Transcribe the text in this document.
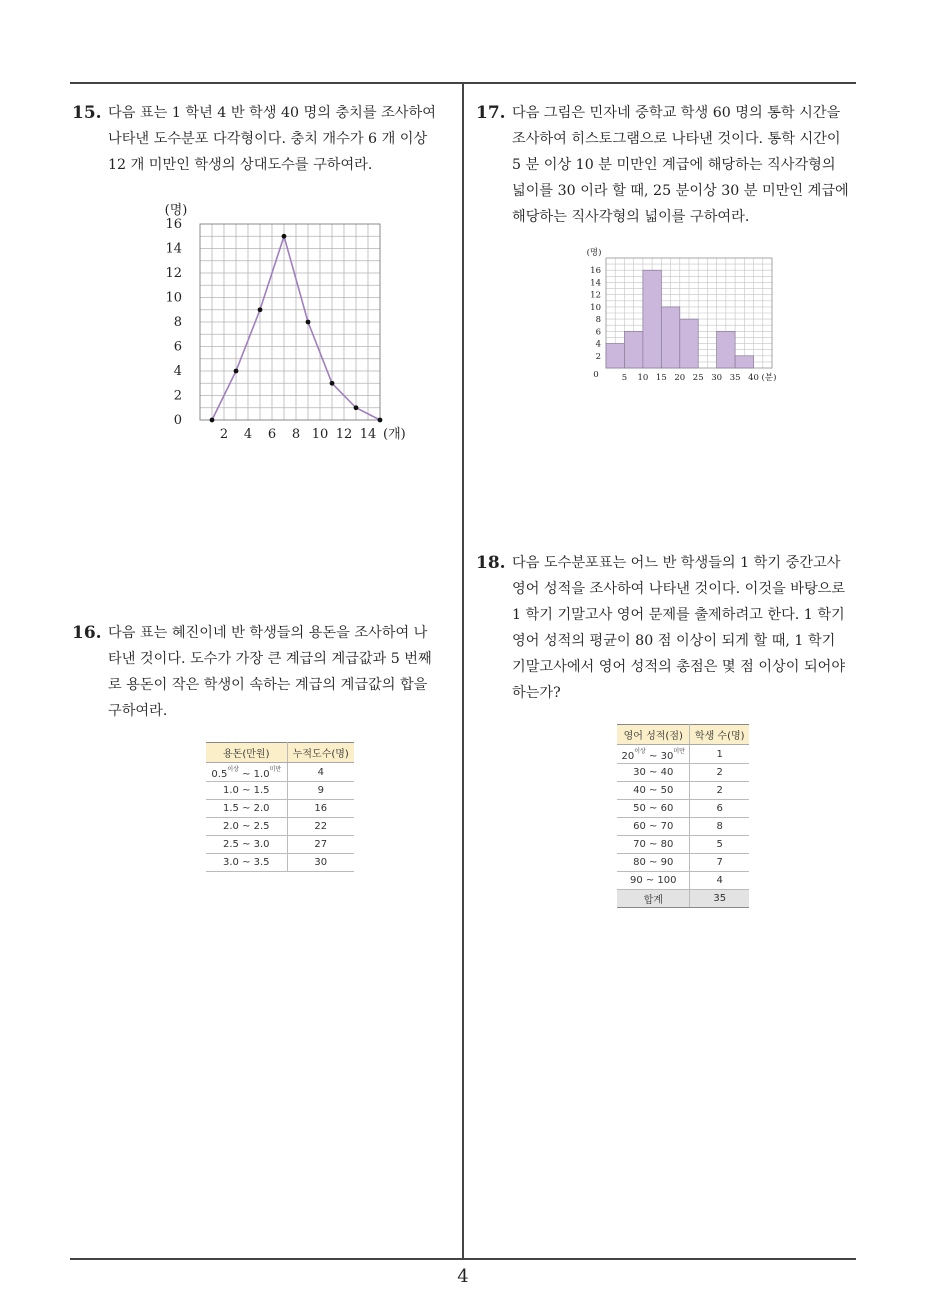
15. 다음 표는 1 학년 4 반 학생 40 명의 충치를 조사하여
나타낸 도수분포 다각형이다. 충치 개수가 6 개 이상
12 개 미만인 학생의 상대도수를 구하여라.
0
2
4
6
8
10
12
14
16
2 4 6 8 10 12 14
(명)
(개)
16. 다음 표는 혜진이네 반 학생들의 용돈을 조사하여 나
타낸 것이다. 도수가 가장 큰 계급의 계급값과 5 번째
로 용돈이 작은 학생이 속하는 계급의 계급값의 합을
구하여라.
용돈(만원)	누적도수(명)
$0.5^{이상}$ ~ $1.0^{미만}$	4
1.0 ~ 1.5	9
1.5 ~ 2.0	16
2.0 ~ 2.5	22
2.5 ~ 3.0	27
3.0 ~ 3.5	30
17. 다음 그림은 민자네 중학교 학생 60 명의 통학 시간을
조사하여 히스토그램으로 나타낸 것이다. 통학 시간이
5 분 이상 10 분 미만인 계급에 해당하는 직사각형의
넓이를 30 이라 할 때, 25 분이상 30 분 미만인 계급에
해당하는 직사각형의 넓이를 구하여라.
2
4
6
8
10
12
14
16
5 10 15 20 25 30 35 40
0
(명)
(분)
18. 다음 도수분포표는 어느 반 학생들의 1 학기 중간고사
영어 성적을 조사하여 나타낸 것이다. 이것을 바탕으로
1 학기 기말고사 영어 문제를 출제하려고 한다. 1 학기
영어 성적의 평균이 80 점 이상이 되게 할 때, 1 학기
기말고사에서 영어 성적의 총점은 몇 점 이상이 되어야
하는가?
영어 성적(점)	학생 수(명)
$20^{이상}$ ~ $30^{미만}$	1
30 ~ 40	2
40 ~ 50	2
50 ~ 60	6
60 ~ 70	8
70 ~ 80	5
80 ~ 90	7
90 ~ 100	4
합계	35
4
